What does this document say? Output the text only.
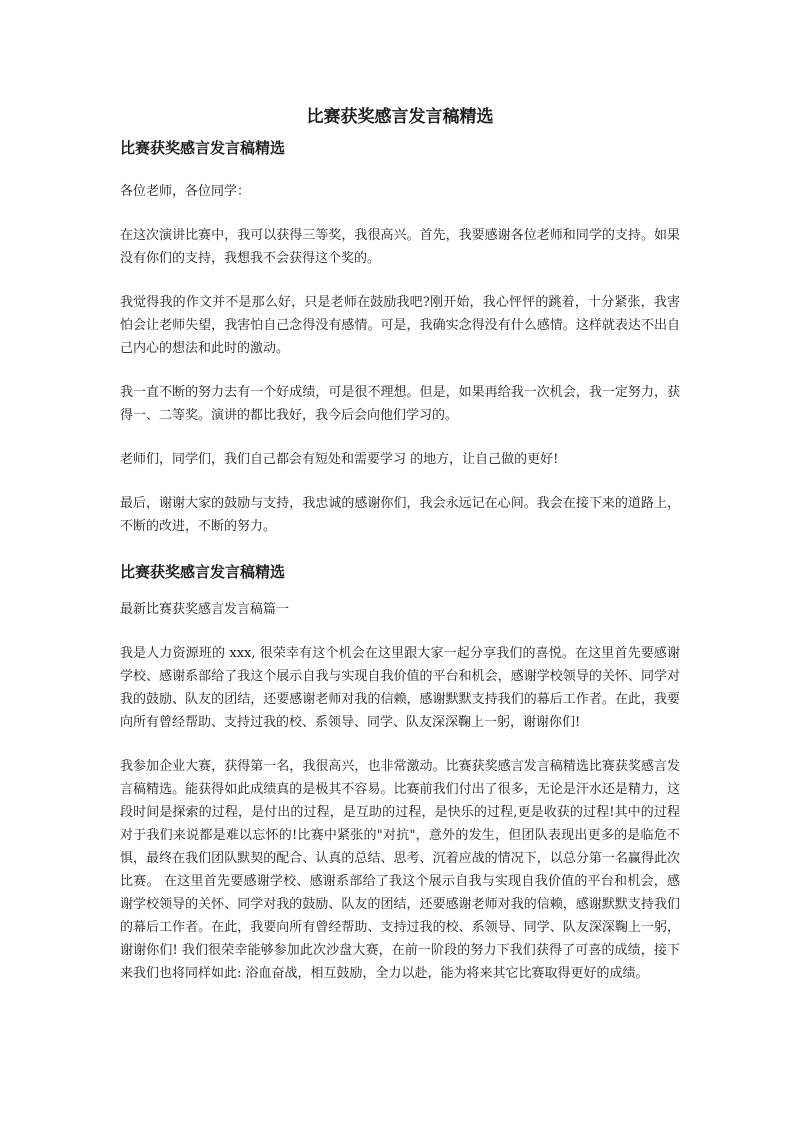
比赛获奖感言发言稿精选
比赛获奖感言发言稿精选

各位老师，各位同学：

在这次演讲比赛中，我可以获得三等奖，我很高兴。首先，我要感谢各位老师和同学的支持。如果没有你们的支持，我想我不会获得这个奖的。

我觉得我的作文并不是那么好，只是老师在鼓励我吧?刚开始，我心怦怦的跳着，十分紧张，我害怕会让老师失望，我害怕自己念得没有感情。可是，我确实念得没有什么感情。这样就表达不出自己内心的想法和此时的激动。

我一直不断的努力去有一个好成绩，可是很不理想。但是，如果再给我一次机会，我一定努力，获得一、二等奖。演讲的都比我好，我今后会向他们学习的。

老师们，同学们，我们自己都会有短处和需要学习 的地方，让自己做的更好!

最后，谢谢大家的鼓励与支持，我忠诚的感谢你们，我会永远记在心间。我会在接下来的道路上，不断的改进，不断的努力。

比赛获奖感言发言稿精选

最新比赛获奖感言发言稿篇一

我是人力资源班的 xxx, 很荣幸有这个机会在这里跟大家一起分享我们的喜悦。在这里首先要感谢学校、感谢系部给了我这个展示自我与实现自我价值的平台和机会，感谢学校领导的关怀、同学对我的鼓励、队友的团结，还要感谢老师对我的信赖，感谢默默支持我们的幕后工作者。在此，我要向所有曾经帮助、支持过我的校、系领导、同学、队友深深鞠上一躬，谢谢你们!

我参加企业大赛，获得第一名，我很高兴，也非常激动。比赛获奖感言发言稿精选比赛获奖感言发言稿精选。能获得如此成绩真的是极其不容易。比赛前我们付出了很多，无论是汗水还是精力，这段时间是探索的过程，是付出的过程，是互助的过程，是快乐的过程,更是收获的过程!其中的过程对于我们来说都是难以忘怀的!比赛中紧张的"对抗"，意外的发生，但团队表现出更多的是临危不惧，最终在我们团队默契的配合、认真的总结、思考、沉着应战的情况下，以总分第一名赢得此次比赛。 在这里首先要感谢学校、感谢系部给了我这个展示自我与实现自我价值的平台和机会，感谢学校领导的关怀、同学对我的鼓励、队友的团结，还要感谢老师对我的信赖，感谢默默支持我们的幕后工作者。在此，我要向所有曾经帮助、支持过我的校、系领导、同学、队友深深鞠上一躬，谢谢你们! 我们很荣幸能够参加此次沙盘大赛，在前一阶段的努力下我们获得了可喜的成绩，接下来我们也将同样如此: 浴血奋战，相互鼓励，全力以赴，能为将来其它比赛取得更好的成绩。
